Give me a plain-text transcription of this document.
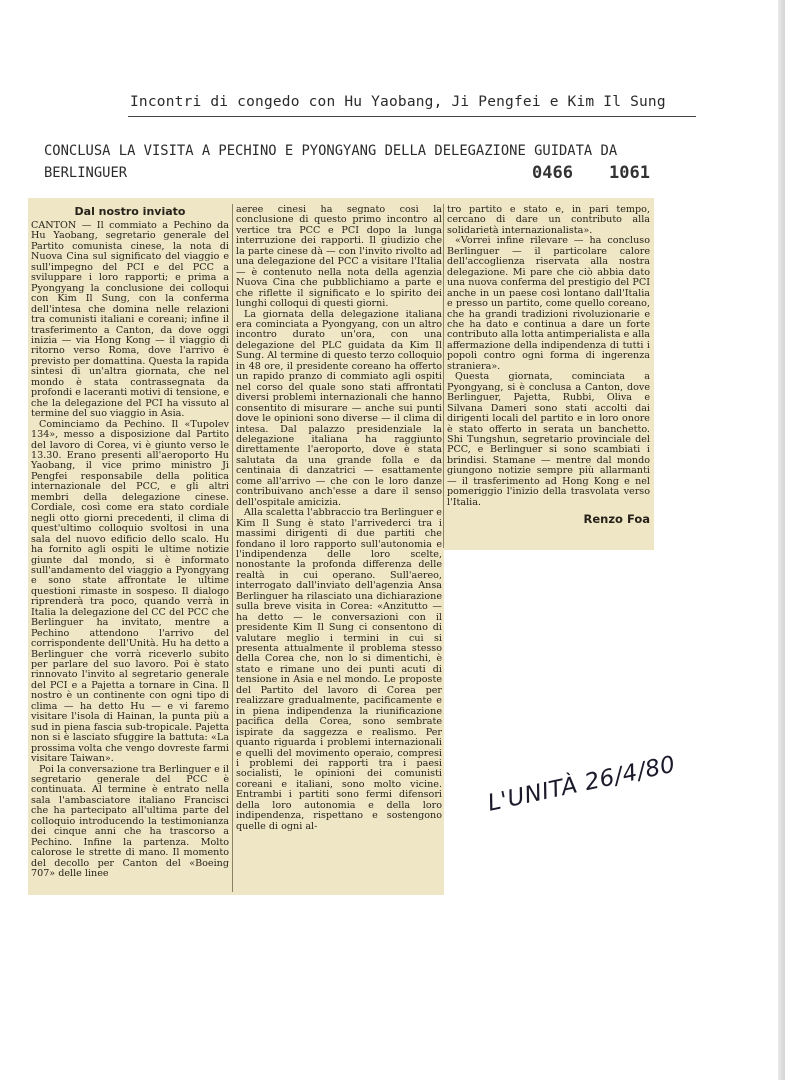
Incontri di congedo con Hu Yaobang, Ji Pengfei e Kim Il Sung
CONCLUSA LA VISITA A PECHINO E PYONGYANG DELLA DELEGAZIONE GUIDATA DA
BERLINGUER	0466 1061
Dal nostro inviato

CANTON — Il commiato a Pechino da Hu Yaobang, segretario generale del Partito comunista cinese, la nota di Nuova Cina sul significato del viaggio e sull'impegno del PCI e del PCC a sviluppare i loro rapporti; e prima a Pyongyang la conclusione dei colloqui con Kim Il Sung, con la conferma dell'intesa che domina nelle relazioni tra comunisti italiani e coreani; infine il trasferimento a Canton, da dove oggi inizia — via Hong Kong — il viaggio di ritorno verso Roma, dove l'arrivo è previsto per domattina. Questa la rapida sintesi di un'altra giornata, che nel mondo è stata contrassegnata da profondi e laceranti motivi di tensione, e che la delegazione del PCI ha vissuto al termine del suo viaggio in Asia.

Cominciamo da Pechino. Il «Tupolev 134», messo a disposizione dal Partito del lavoro di Corea, vi è giunto verso le 13.30. Erano presenti all'aeroporto Hu Yaobang, il vice primo ministro Ji Pengfei responsabile della politica internazionale del PCC, e gli altri membri della delegazione cinese. Cordiale, così come era stato cordiale negli otto giorni precedenti, il clima di quest'ultimo colloquio svoltosi in una sala del nuovo edificio dello scalo. Hu ha fornito agli ospiti le ultime notizie giunte dal mondo, si è informato sull'andamento del viaggio a Pyongyang e sono state affrontate le ultime questioni rimaste in sospeso. Il dialogo riprenderà tra poco, quando verrà in Italia la delegazione del CC del PCC che Berlinguer ha invitato, mentre a Pechino attendono l'arrivo del corrispondente dell'Unità. Hu ha detto a Berlinguer che vorrà riceverlo subito per parlare del suo lavoro. Poi è stato rinnovato l'invito al segretario generale del PCI e a Pajetta a tornare in Cina. Il nostro è un continente con ogni tipo di clima — ha detto Hu — e vi faremo visitare l'isola di Hainan, la punta più a sud in piena fascia sub-tropicale. Pajetta non si è lasciato sfuggire la battuta: «La prossima volta che vengo dovreste farmi visitare Taiwan».

Poi la conversazione tra Berlinguer e il segretario generale del PCC è continuata. Al termine è entrato nella sala l'ambasciatore italiano Francisci che ha partecipato all'ultima parte del colloquio introducendo la testimonianza dei cinque anni che ha trascorso a Pechino. Infine la partenza. Molto calorose le strette di mano. Il momento del decollo per Canton del «Boeing 707» delle linee

aeree cinesi ha segnato così la conclusione di questo primo incontro al vertice tra PCC e PCI dopo la lunga interruzione dei rapporti. Il giudizio che la parte cinese dà — con l'invito rivolto ad una delegazione del PCC a visitare l'Italia — è contenuto nella nota della agenzia Nuova Cina che pubblichiamo a parte e che riflette il significato e lo spirito dei lunghi colloqui di questi giorni.

La giornata della delegazione italiana era cominciata a Pyongyang, con un altro incontro durato un'ora, con una delegazione del PLC guidata da Kim Il Sung. Al termine di questo terzo colloquio in 48 ore, il presidente coreano ha offerto un rapido pranzo di commiato agli ospiti nel corso del quale sono stati affrontati diversi problemi internazionali che hanno consentito di misurare — anche sui punti dove le opinioni sono diverse — il clima di intesa. Dal palazzo presidenziale la delegazione italiana ha raggiunto direttamente l'aeroporto, dove è stata salutata da una grande folla e da centinaia di danzatrici — esattamente come all'arrivo — che con le loro danze contribuivano anch'esse a dare il senso dell'ospitale amicizia.

Alla scaletta l'abbraccio tra Berlinguer e Kim Il Sung è stato l'arrivederci tra i massimi dirigenti di due partiti che fondano il loro rapporto sull'autonomia e l'indipendenza delle loro scelte, nonostante la profonda differenza delle realtà in cui operano. Sull'aereo, interrogato dall'inviato dell'agenzia Ansa Berlinguer ha rilasciato una dichiarazione sulla breve visita in Corea: «Anzitutto — ha detto — le conversazioni con il presidente Kim Il Sung ci consentono di valutare meglio i termini in cui si presenta attualmente il problema stesso della Corea che, non lo si dimentichi, è stato e rimane uno dei punti acuti di tensione in Asia e nel mondo. Le proposte del Partito del lavoro di Corea per realizzare gradualmente, pacificamente e in piena indipendenza la riunificazione pacifica della Corea, sono sembrate ispirate da saggezza e realismo. Per quanto riguarda i problemi internazionali e quelli del movimento operaio, compresi i problemi dei rapporti tra i paesi socialisti, le opinioni dei comunisti coreani e italiani, sono molto vicine. Entrambi i partiti sono fermi difensori della loro autonomia e della loro indipendenza, rispettano e sostengono quelle di ogni al-

tro partito e stato e, in pari tempo, cercano di dare un contributo alla solidarietà internazionalista».

«Vorrei infine rilevare — ha concluso Berlinguer — il particolare calore dell'accoglienza riservata alla nostra delegazione. Mi pare che ciò abbia dato una nuova conferma del prestigio del PCI anche in un paese così lontano dall'Italia e presso un partito, come quello coreano, che ha grandi tradizioni rivoluzionarie e che ha dato e continua a dare un forte contributo alla lotta antimperialista e alla affermazione della indipendenza di tutti i popoli contro ogni forma di ingerenza straniera».

Questa giornata, cominciata a Pyongyang, si è conclusa a Canton, dove Berlinguer, Pajetta, Rubbi, Oliva e Silvana Dameri sono stati accolti dai dirigenti locali del partito e in loro onore è stato offerto in serata un banchetto. Shi Tungshun, segretario provinciale del PCC, e Berlinguer si sono scambiati i brindisi. Stamane — mentre dal mondo giungono notizie sempre più allarmanti — il trasferimento ad Hong Kong e nel pomeriggio l'inizio della trasvolata verso l'Italia.

Renzo Foa
L'UNITÀ 26/4/80
